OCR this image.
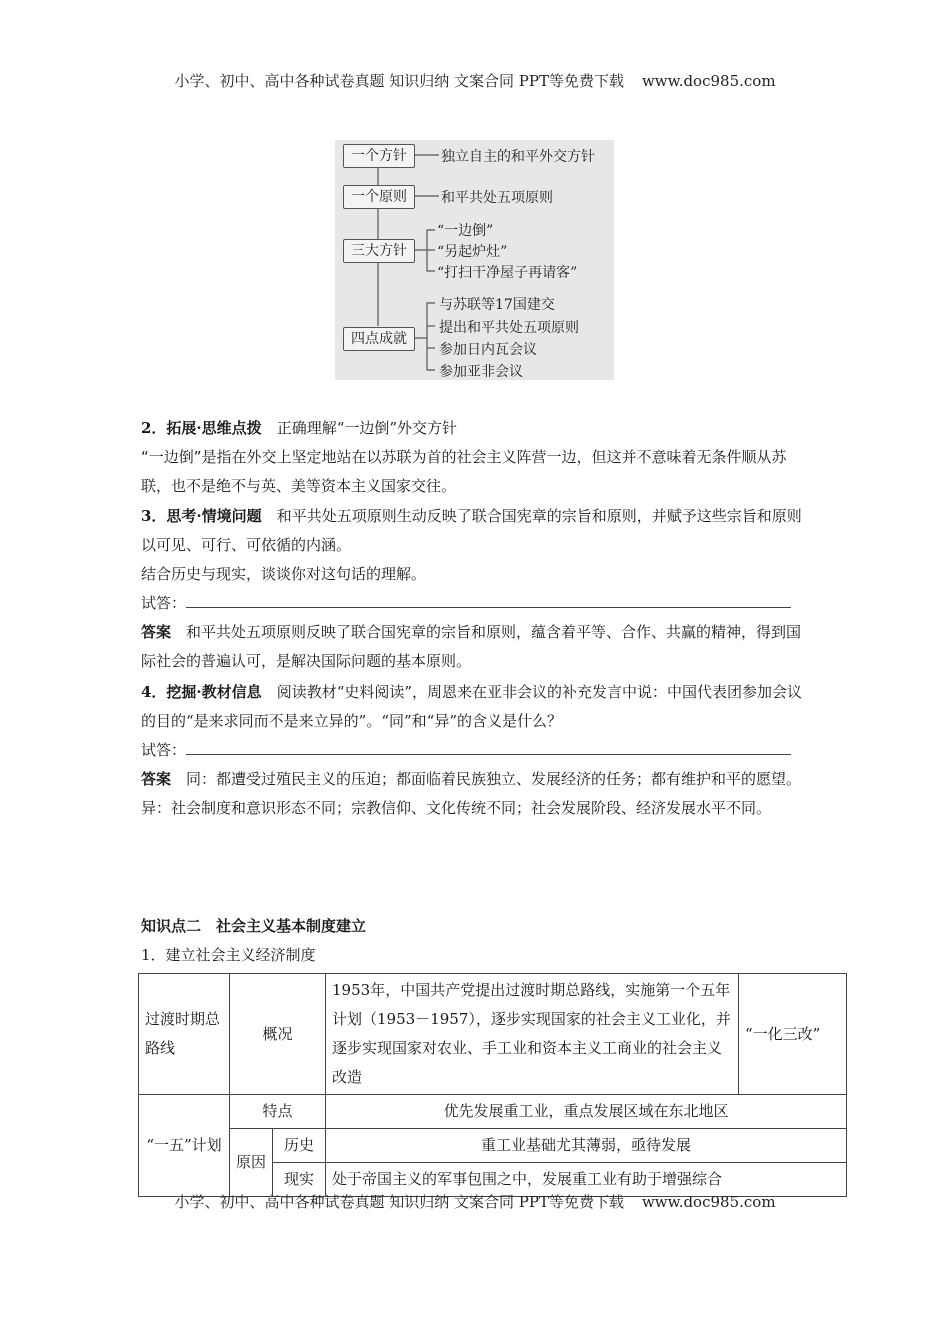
小学、初中、高中各种试卷真题 知识归纳 文案合同 PPT等免费下载 www.doc985.com
一个方针
一个原则
三大方针
四点成就
独立自主的和平外交方针
和平共处五项原则
“一边倒”
“另起炉灶”
“打扫干净屋子再请客”
与苏联等17国建交
提出和平共处五项原则
参加日内瓦会议
参加亚非会议
2．拓展·思维点拨　 正确理解“一边倒”外交方针
“一边倒”是指在外交上坚定地站在以苏联为首的社会主义阵营一边，但这并不意味着无条件顺从苏联，也不是绝不与英、美等资本主义国家交往。
3．思考·情境问题　 和平共处五项原则生动反映了联合国宪章的宗旨和原则，并赋予这些宗旨和原则以可见、可行、可依循的内涵。
结合历史与现实，谈谈你对这句话的理解。
试答：
答案　 和平共处五项原则反映了联合国宪章的宗旨和原则，蕴含着平等、合作、共赢的精神，得到国际社会的普遍认可，是解决国际问题的基本原则。
4．挖掘·教材信息　 阅读教材“史料阅读”，周恩来在亚非会议的补充发言中说：中国代表团参加会议的目的“是来求同而不是来立异的”。“同”和“异”的含义是什么？
试答：
答案　 同：都遭受过殖民主义的压迫；都面临着民族独立、发展经济的任务；都有维护和平的愿望。
异：社会制度和意识形态不同；宗教信仰、文化传统不同；社会发展阶段、经济发展水平不同。
知识点二　社会主义基本制度建立
1．建立社会主义经济制度
过渡时期总路线	概况		1953年，中国共产党提出过渡时期总路线，实施第一个五年计划（1953－1957），逐步实现国家的社会主义工业化，并逐步实现国家对农业、手工业和资本主义工商业的社会主义改造	“一化三改”
“一五”计划	特点		优先发展重工业，重点发展区域在东北地区	
	原因	历史	重工业基础尤其薄弱，亟待发展	
		现实	处于帝国主义的军事包围之中，发展重工业有助于增强综合	
小学、初中、高中各种试卷真题 知识归纳 文案合同 PPT等免费下载 www.doc985.com
